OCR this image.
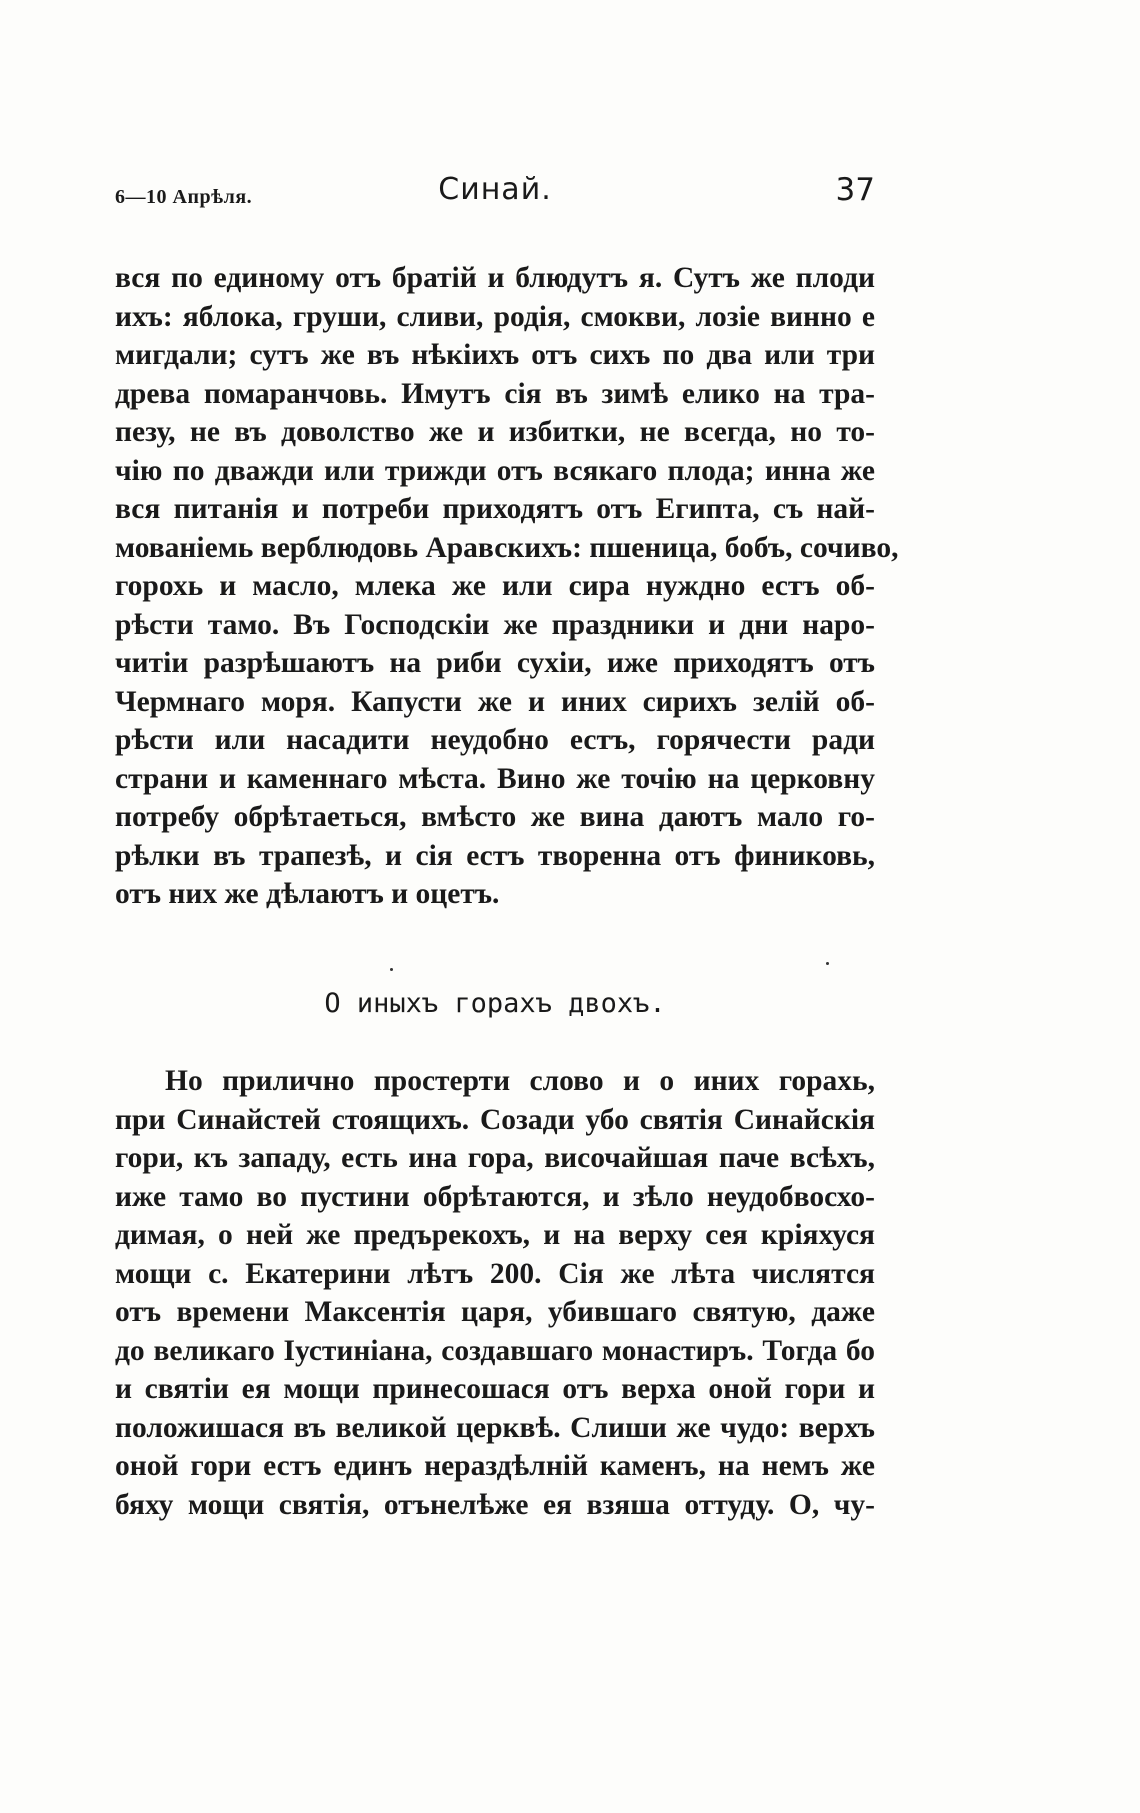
6—10 Апрѣля.	Синай.	37
вся по единому отъ братій и блюдутъ я. Сутъ же плоди
ихъ: яблока, груши, сливи, родія, смокви, лозіе винно е
мигдали; сутъ же въ нѣкіихъ отъ сихъ по два или три
древа помаранчовь. Имутъ сія въ зимѣ елико на тра-
пезу, не въ доволство же и избитки, не всегда, но то-
чію по дважди или трижди отъ всякаго плода; инна же
вся питанія и потреби приходятъ отъ Египта, съ най-
мованіемь верблюдовь Аравскихъ: пшеница, бобъ, сочиво,
горохь и масло, млека же или сира нуждно естъ об-
рѣсти тамо. Въ Господскіи же праздники и дни наро-
читіи разрѣшаютъ на риби сухіи, иже приходятъ отъ
Чермнаго моря. Капусти же и иних сирихъ зелій об-
рѣсти или насадити неудобно естъ, горячести ради
страни и каменнаго мѣста. Вино же точію на церковну
потребу обрѣтаеться, вмѣсто же вина даютъ мало го-
рѣлки въ трапезѣ, и сія естъ творенна отъ финиковь,
отъ них же дѣлаютъ и оцетъ.
О иныхъ горахъ двохъ.
Но прилично простерти слово и о иних горахь,
при Синайстей стоящихъ. Созади убо святія Синайскія
гори, къ западу, есть ина гора, височайшая паче всѣхъ,
иже тамо во пустини обрѣтаются, и зѣло неудобвосхо-
димая, о ней же предърекохъ, и на верху сея кріяхуся
мощи с. Екатерини лѣтъ 200. Сія же лѣта числятся
отъ времени Максентія царя, убившаго святую, даже
до великаго Іустиніана, создавшаго монастиръ. Тогда бо
и святіи ея мощи принесошася отъ верха оной гори и
положишася въ великой церквѣ. Слиши же чудо: верхъ
оной гори естъ единъ нераздѣлній каменъ, на немъ же
бяху мощи святія, отънелѣже ея взяша оттуду. О, чу-
